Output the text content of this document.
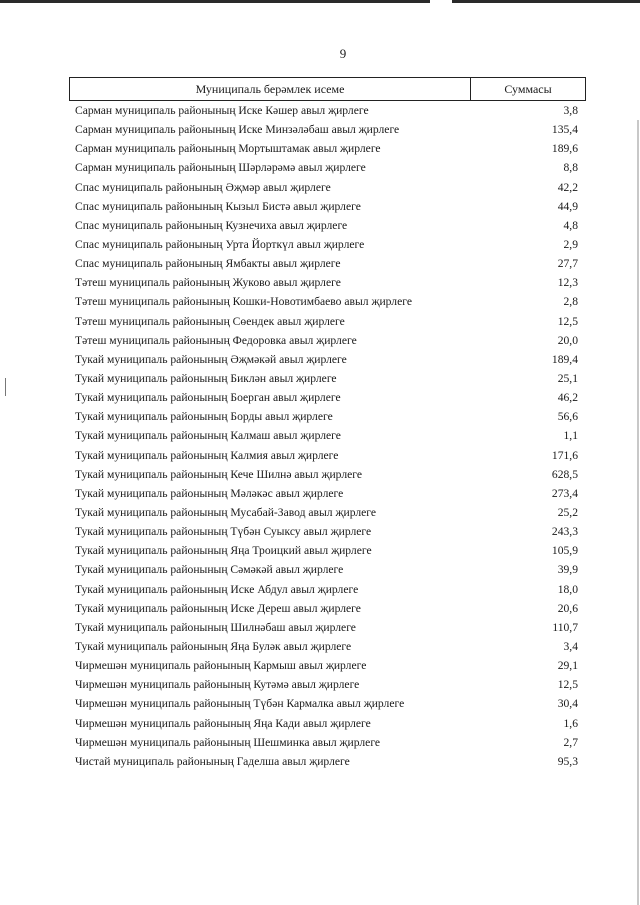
9
Муниципаль берәмлек исеме	Суммасы
Сарман муниципаль районының Иске Кәшер авыл җирлеге	3,8
Сарман муниципаль районының Иске Минзәләбаш авыл җирлеге	135,4
Сарман муниципаль районының Мортыштамак авыл җирлеге	189,6
Сарман муниципаль районының Шәрләрәмә авыл җирлеге	8,8
Спас муниципаль районының Әҗмәр авыл җирлеге	42,2
Спас муниципаль районының Кызыл Бистә авыл җирлеге	44,9
Спас муниципаль районының Кузнечиха авыл җирлеге	4,8
Спас муниципаль районының Урта Йорткүл авыл җирлеге	2,9
Спас муниципаль районының Ямбакты авыл җирлеге	27,7
Тәтеш муниципаль районының Жуково авыл җирлеге	12,3
Тәтеш муниципаль районының Кошки-Новотимбаево авыл җирлеге	2,8
Тәтеш муниципаль районының Сөендек авыл җирлеге	12,5
Тәтеш муниципаль районының Федоровка авыл җирлеге	20,0
Тукай муниципаль районының Әҗмәкәй авыл җирлеге	189,4
Тукай муниципаль районының Биклән авыл җирлеге	25,1
Тукай муниципаль районының Боерган авыл җирлеге	46,2
Тукай муниципаль районының Борды авыл җирлеге	56,6
Тукай муниципаль районының Калмаш авыл җирлеге	1,1
Тукай муниципаль районының Калмия авыл җирлеге	171,6
Тукай муниципаль районының Кече Шилнә авыл җирлеге	628,5
Тукай муниципаль районының Мәләкәс авыл җирлеге	273,4
Тукай муниципаль районының Мусабай-Завод авыл җирлеге	25,2
Тукай муниципаль районының Түбән Суыксу авыл җирлеге	243,3
Тукай муниципаль районының Яңа Троицкий авыл җирлеге	105,9
Тукай муниципаль районының Сәмәкәй авыл җирлеге	39,9
Тукай муниципаль районының Иске Абдул авыл җирлеге	18,0
Тукай муниципаль районының Иске Дереш авыл җирлеге	20,6
Тукай муниципаль районының Шилнәбаш авыл җирлеге	110,7
Тукай муниципаль районының Яңа Буләк авыл җирлеге	3,4
Чирмешән муниципаль районының Кармыш авыл җирлеге	29,1
Чирмешән муниципаль районының Кутәмә авыл җирлеге	12,5
Чирмешән муниципаль районының Түбән Кармалка авыл җирлеге	30,4
Чирмешән муниципаль районының Яңа Кади авыл җирлеге	1,6
Чирмешән муниципаль районының Шешминка авыл җирлеге	2,7
Чистай муниципаль районының Гаделша авыл җирлеге	95,3
